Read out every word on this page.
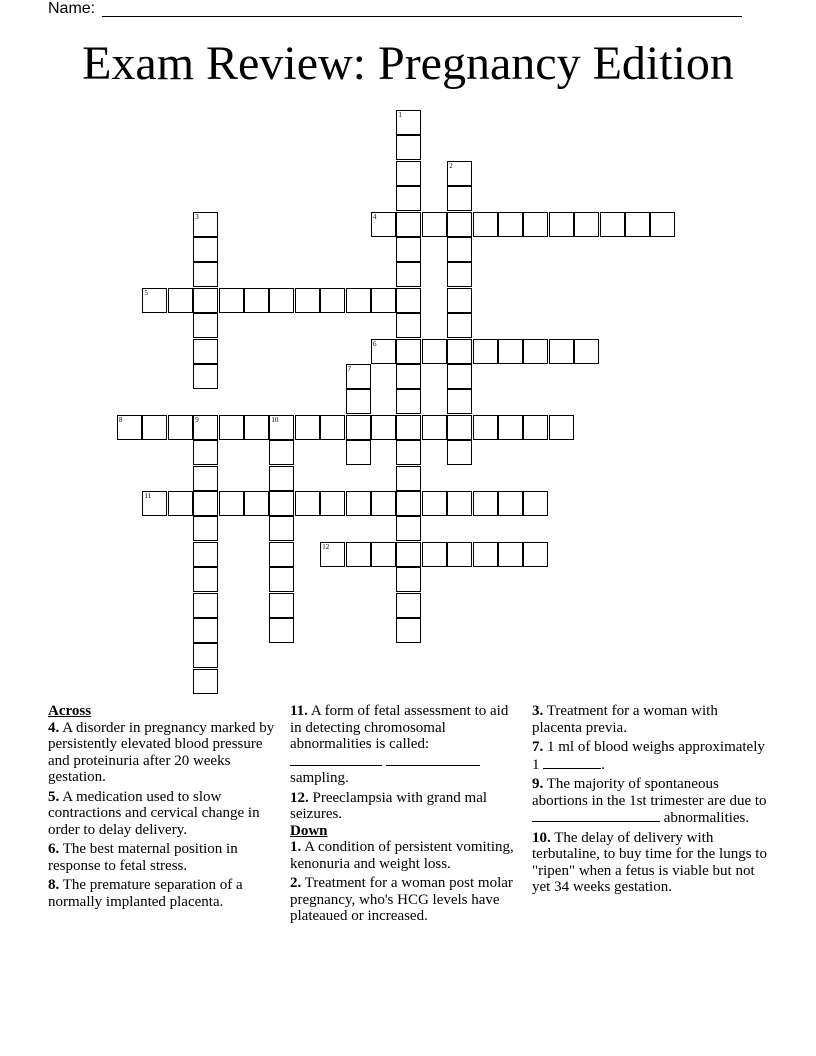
Name:
Exam Review: Pregnancy Edition
1
2
3	4
5
6
7
8	9	10
11
12
Across
4. A disorder in pregnancy marked by persistently elevated blood pressure and proteinuria after 20 weeks gestation.
5. A medication used to slow contractions and cervical change in order to delay delivery.
6. The best maternal position in response to fetal stress.
8. The premature separation of a normally implanted placenta.
11. A form of fetal assessment to aid in detecting chromosomal abnormalities is called:

sampling.
12. Preeclampsia with grand mal seizures.
Down
1. A condition of persistent vomiting, kenonuria and weight loss.
2. Treatment for a woman post molar pregnancy, who's HCG levels have plateaued or increased.
3. Treatment for a woman with placenta previa.
7. 1 ml of blood weighs approximately 1	.
9. The majority of spontaneous abortions in the 1st trimester are due to
abnormalities.
10. The delay of delivery with terbutaline, to buy time for the lungs to "ripen" when a fetus is viable but not yet 34 weeks gestation.
